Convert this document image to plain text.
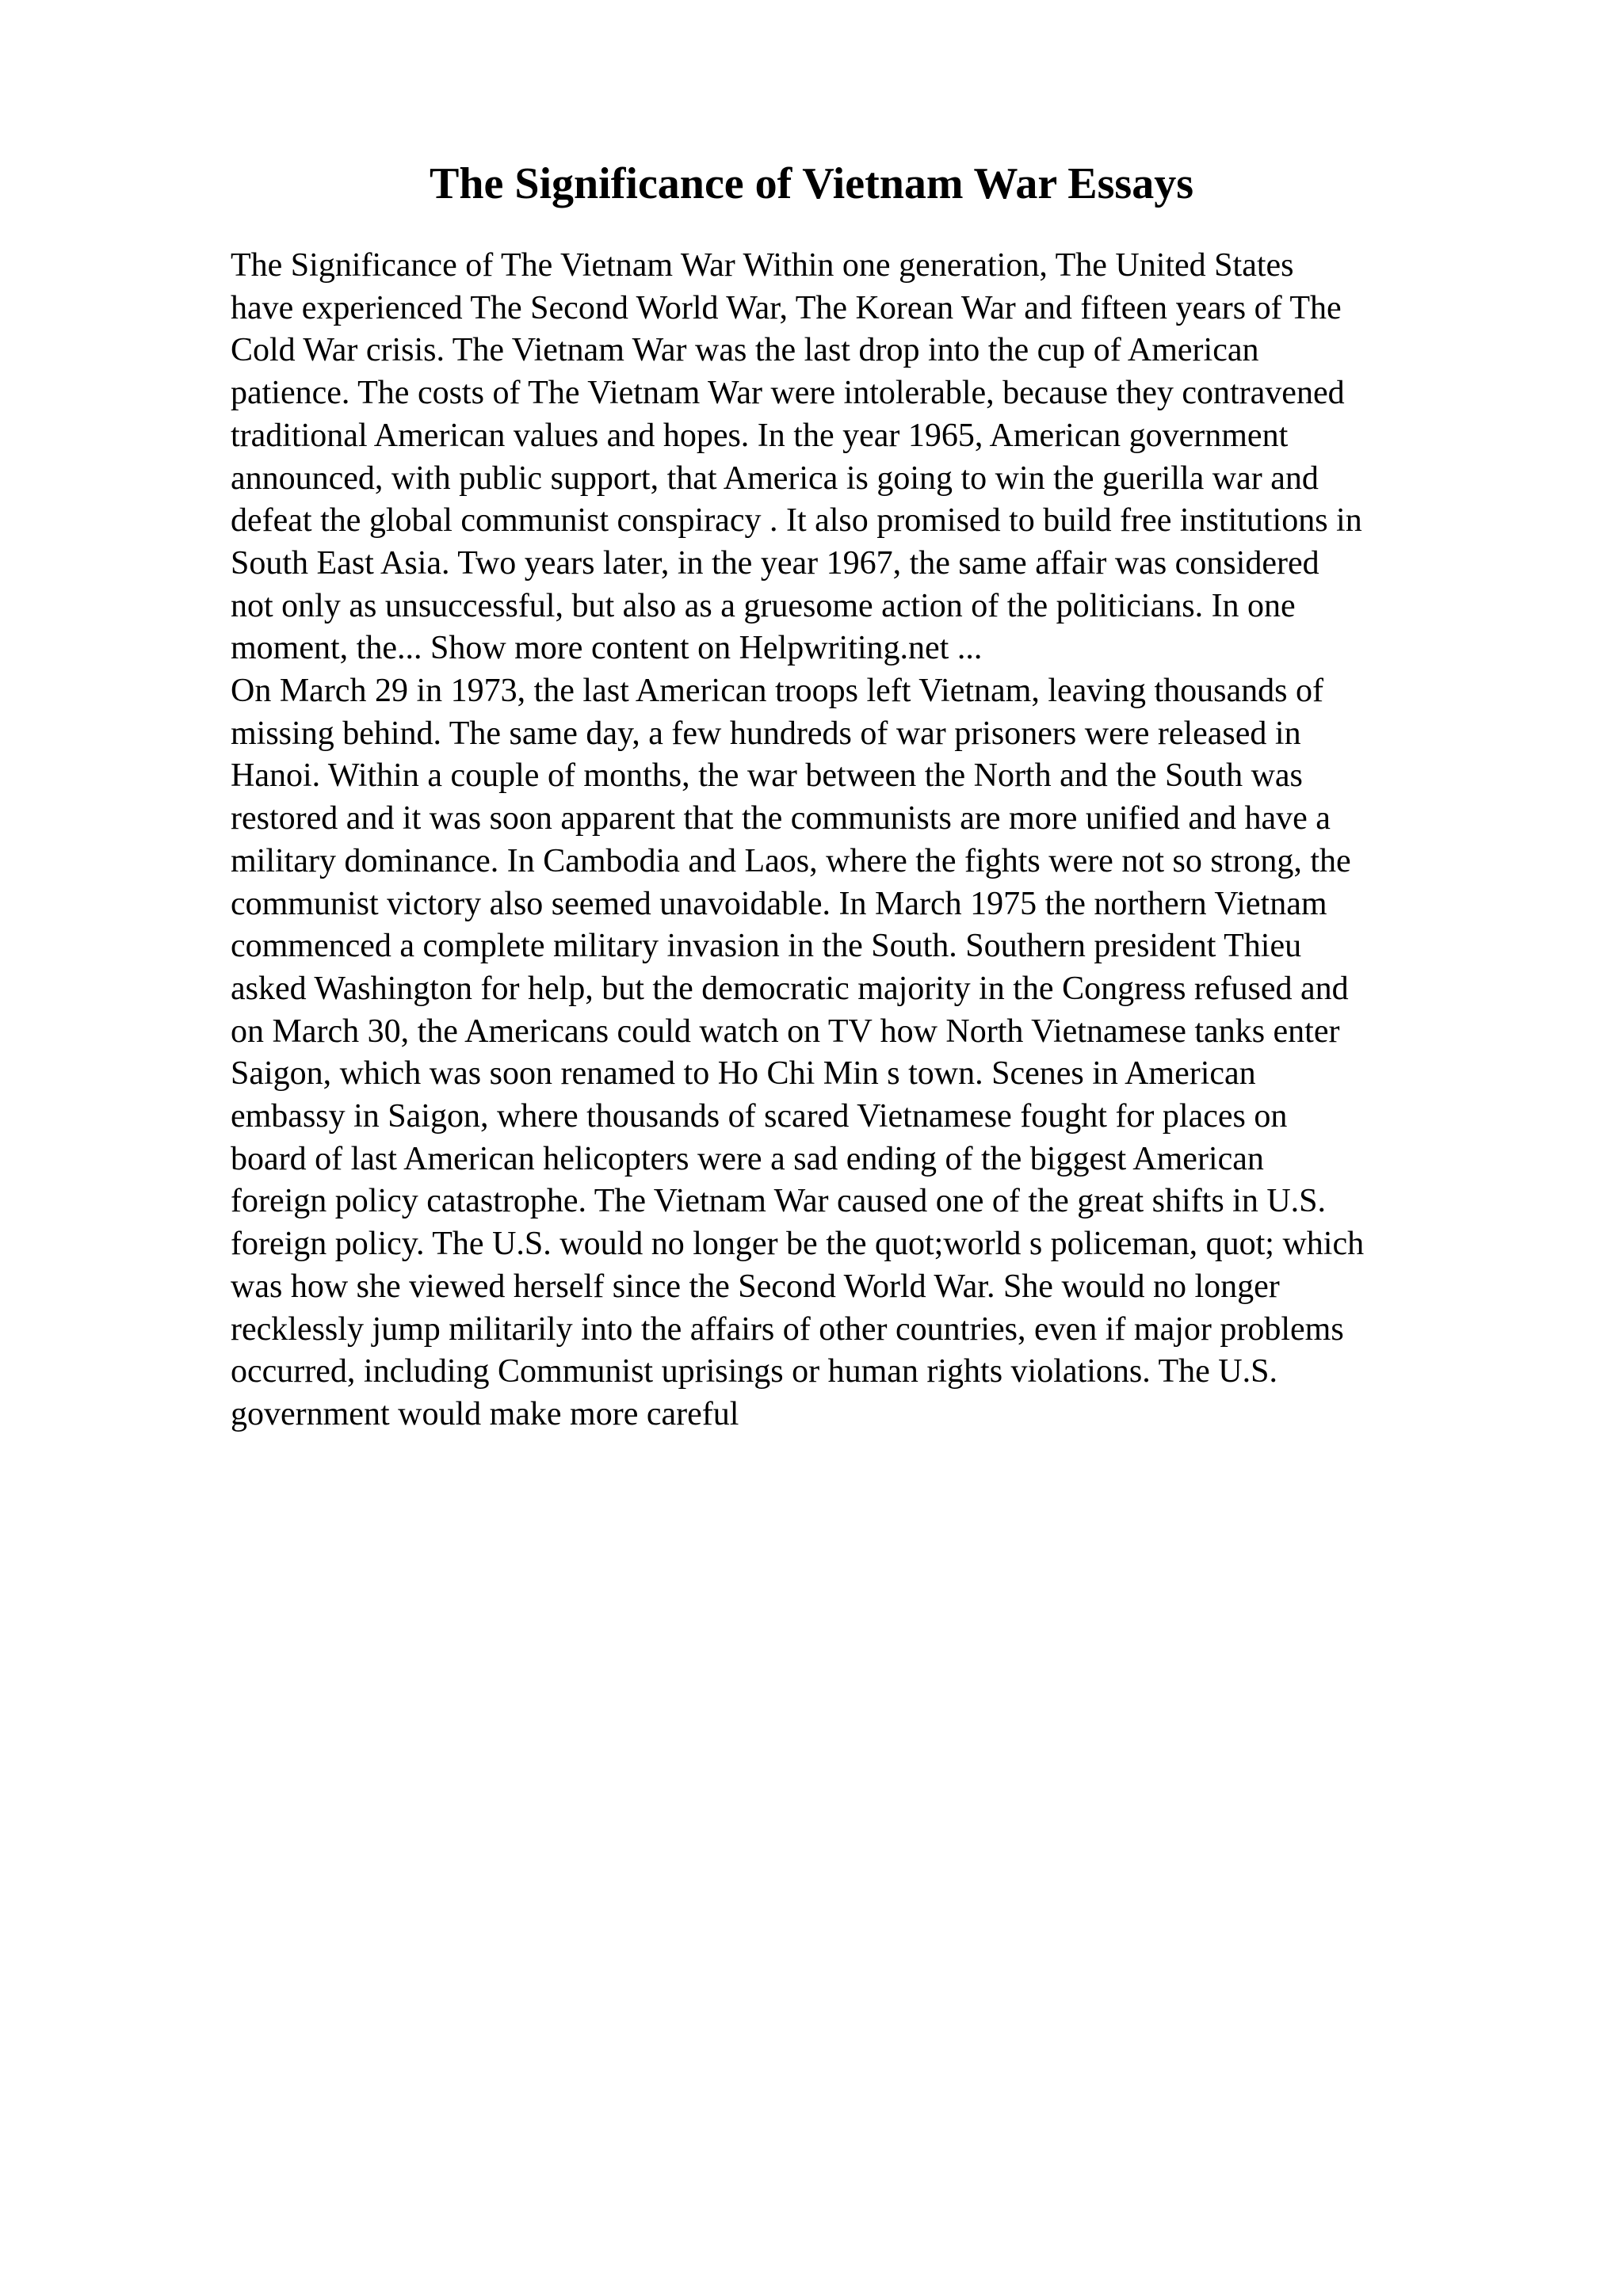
The Significance of Vietnam War Essays
The Significance of The Vietnam War Within one generation, The United States
have experienced The Second World War, The Korean War and fifteen years of The
Cold War crisis. The Vietnam War was the last drop into the cup of American
patience. The costs of The Vietnam War were intolerable, because they contravened
traditional American values and hopes. In the year 1965, American government
announced, with public support, that America is going to win the guerilla war and
defeat the global communist conspiracy . It also promised to build free institutions in
South East Asia. Two years later, in the year 1967, the same affair was considered
not only as unsuccessful, but also as a gruesome action of the politicians. In one
moment, the... Show more content on Helpwriting.net ...
On March 29 in 1973, the last American troops left Vietnam, leaving thousands of
missing behind. The same day, a few hundreds of war prisoners were released in
Hanoi. Within a couple of months, the war between the North and the South was
restored and it was soon apparent that the communists are more unified and have a
military dominance. In Cambodia and Laos, where the fights were not so strong, the
communist victory also seemed unavoidable. In March 1975 the northern Vietnam
commenced a complete military invasion in the South. Southern president Thieu
asked Washington for help, but the democratic majority in the Congress refused and
on March 30, the Americans could watch on TV how North Vietnamese tanks enter
Saigon, which was soon renamed to Ho Chi Min s town. Scenes in American
embassy in Saigon, where thousands of scared Vietnamese fought for places on
board of last American helicopters were a sad ending of the biggest American
foreign policy catastrophe. The Vietnam War caused one of the great shifts in U.S.
foreign policy. The U.S. would no longer be the quot;world s policeman, quot; which
was how she viewed herself since the Second World War. She would no longer
recklessly jump militarily into the affairs of other countries, even if major problems
occurred, including Communist uprisings or human rights violations. The U.S.
government would make more careful
